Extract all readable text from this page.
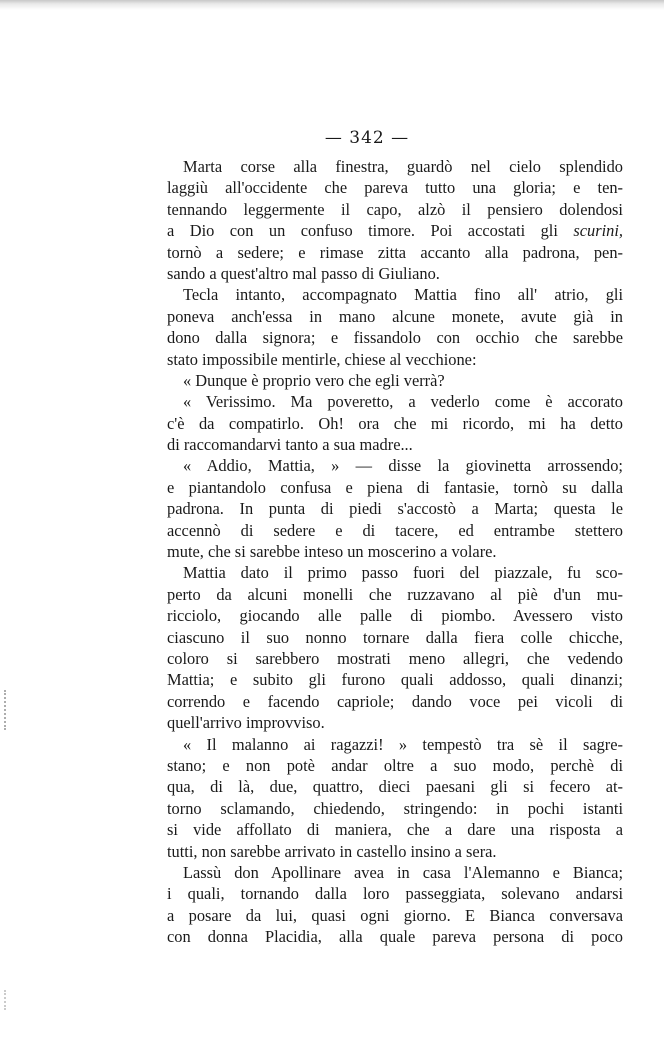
— 342 —
Marta corse alla finestra, guardò nel cielo splendido
laggiù all'occidente che pareva tutto una gloria; e ten-
tennando leggermente il capo, alzò il pensiero dolendosi
a Dio con un confuso timore. Poi accostati gli scurini,
tornò a sedere; e rimase zitta accanto alla padrona, pen-
sando a quest'altro mal passo di Giuliano.
Tecla intanto, accompagnato Mattia fino all' atrio, gli
poneva anch'essa in mano alcune monete, avute già in
dono dalla signora; e fissandolo con occhio che sarebbe
stato impossibile mentirle, chiese al vecchione:
« Dunque è proprio vero che egli verrà?
« Verissimo. Ma poveretto, a vederlo come è accorato
c'è da compatirlo. Oh! ora che mi ricordo, mi ha detto
di raccomandarvi tanto a sua madre...
« Addio, Mattia, » — disse la giovinetta arrossendo;
e piantandolo confusa e piena di fantasie, tornò su dalla
padrona. In punta di piedi s'accostò a Marta; questa le
accennò di sedere e di tacere, ed entrambe stettero
mute, che si sarebbe inteso un moscerino a volare.
Mattia dato il primo passo fuori del piazzale, fu sco-
perto da alcuni monelli che ruzzavano al piè d'un mu-
ricciolo, giocando alle palle di piombo. Avessero visto
ciascuno il suo nonno tornare dalla fiera colle chicche,
coloro si sarebbero mostrati meno allegri, che vedendo
Mattia; e subito gli furono quali addosso, quali dinanzi;
correndo e facendo capriole; dando voce pei vicoli di
quell'arrivo improvviso.
« Il malanno ai ragazzi! » tempestò tra sè il sagre-
stano; e non potè andar oltre a suo modo, perchè di
qua, di là, due, quattro, dieci paesani gli si fecero at-
torno sclamando, chiedendo, stringendo: in pochi istanti
si vide affollato di maniera, che a dare una risposta a
tutti, non sarebbe arrivato in castello insino a sera.
Lassù don Apollinare avea in casa l'Alemanno e Bianca;
i quali, tornando dalla loro passeggiata, solevano andarsi
a posare da lui, quasi ogni giorno. E Bianca conversava
con donna Placidia, alla quale pareva persona di poco
